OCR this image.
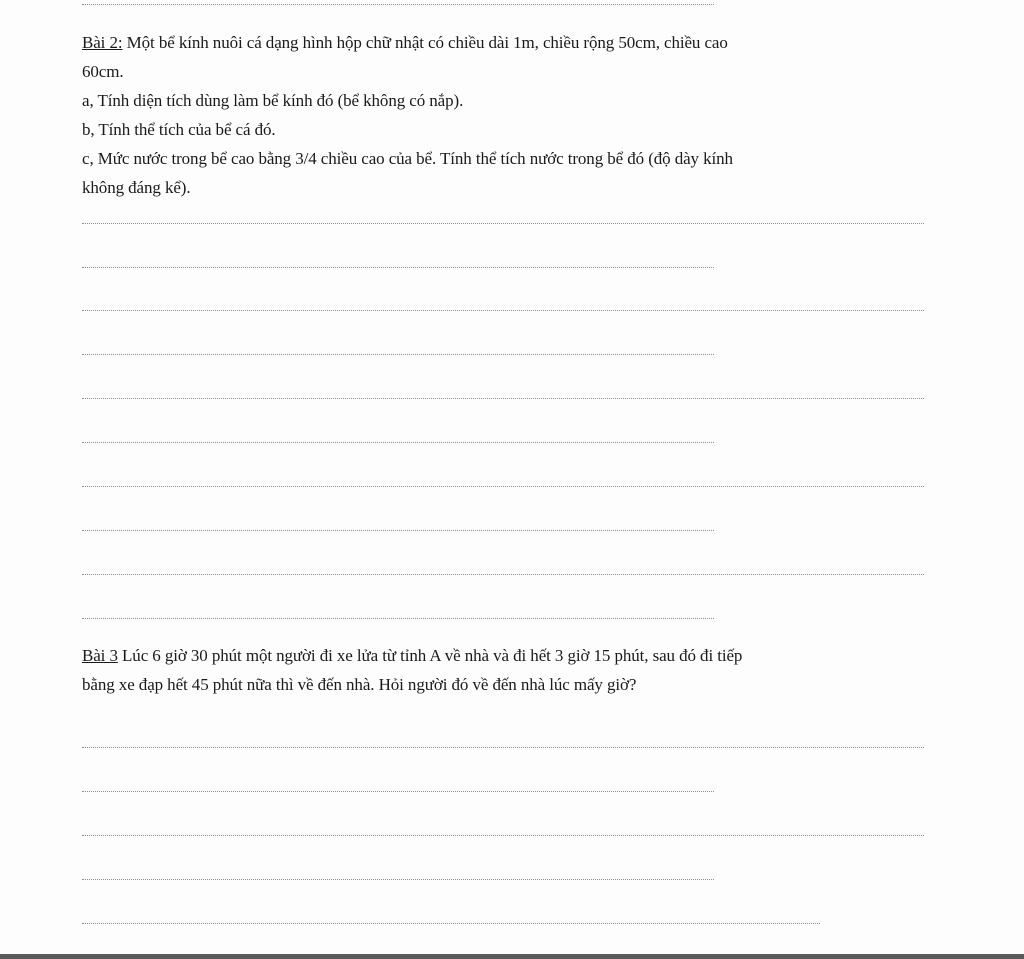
Bài 2: Một bể kính nuôi cá dạng hình hộp chữ nhật có chiều dài 1m, chiều rộng 50cm, chiều cao
60cm.
a, Tính diện tích dùng làm bể kính đó (bể không có nắp).
b, Tính thể tích của bể cá đó.
c, Mức nước trong bể cao bằng 3/4 chiều cao của bể. Tính thể tích nước trong bể đó (độ dày kính
không đáng kể).
Bài 3 Lúc 6 giờ 30 phút một người đi xe lửa từ tỉnh A về nhà và đi hết 3 giờ 15 phút, sau đó đi tiếp
bằng xe đạp hết 45 phút nữa thì về đến nhà. Hỏi người đó về đến nhà lúc mấy giờ?
